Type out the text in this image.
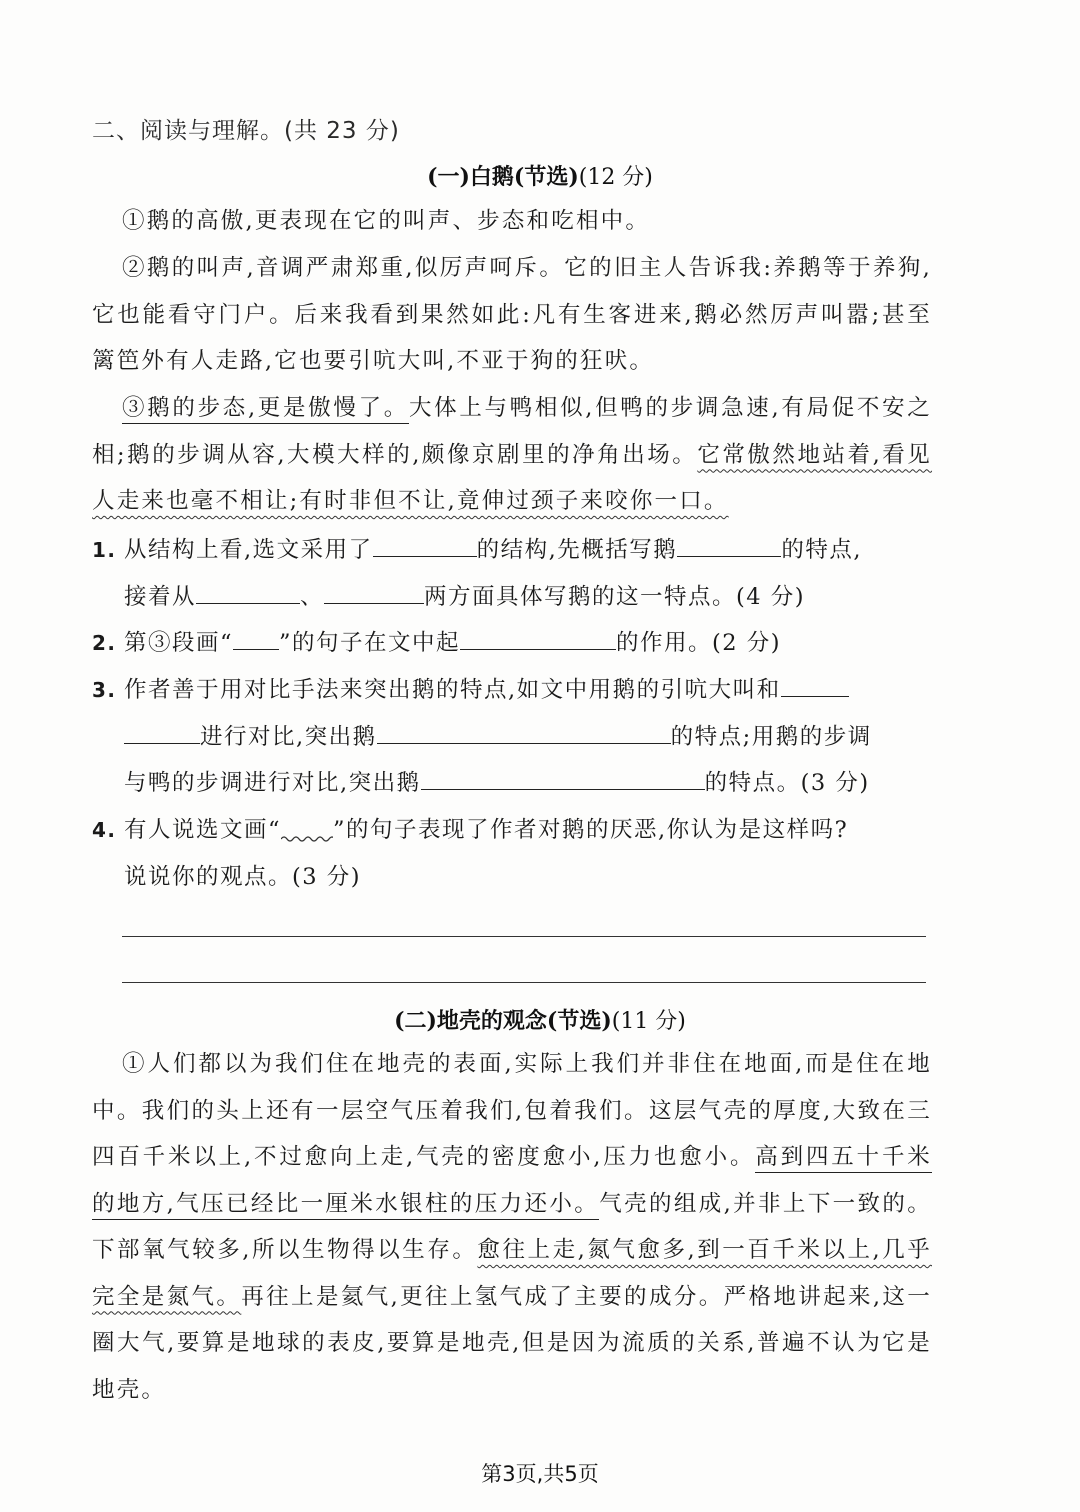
二、阅读与理解。(共 23 分)
(一)白鹅(节选)(12 分)

①鹅的高傲,更表现在它的叫声、步态和吃相中。

②鹅的叫声,音调严肃郑重,似厉声呵斥。它的旧主人告诉我:养鹅等于养狗,它也能看守门户。后来我看到果然如此:凡有生客进来,鹅必然厉声叫嚣;甚至篱笆外有人走路,它也要引吭大叫,不亚于狗的狂吠。

③鹅的步态,更是傲慢了。大体上与鸭相似,但鸭的步调急速,有局促不安之相;鹅的步调从容,大模大样的,颇像京剧里的净角出场。它常傲然地站着,看见人走来也毫不相让;有时非但不让,竟伸过颈子来咬你一口。

1. 从结构上看,选文采用了	的结构,先概括写鹅	的特点,
接着从	、	两方面具体写鹅的这一特点。(4 分)
2. 第③段画“ ”的句子在文中起	的作用。(2 分)
3. 作者善于用对比手法来突出鹅的特点,如文中用鹅的引吭大叫和
进行对比,突出鹅	的特点;用鹅的步调
与鸭的步调进行对比,突出鹅	的特点。(3 分)
4. 有人说选文画“ ”的句子表现了作者对鹅的厌恶,你认为是这样吗?
说说你的观点。(3 分)
(二)地壳的观念(节选)(11 分)

①人们都以为我们住在地壳的表面,实际上我们并非住在地面,而是住在地中。我们的头上还有一层空气压着我们,包着我们。这层气壳的厚度,大致在三四百千米以上,不过愈向上走,气壳的密度愈小,压力也愈小。高到四五十千米的地方,气压已经比一厘米水银柱的压力还小。气壳的组成,并非上下一致的。下部氧气较多,所以生物得以生存。愈往上走,氮气愈多,到一百千米以上,几乎完全是氮气。再往上是氦气,更往上氢气成了主要的成分。严格地讲起来,这一圈大气,要算是地球的表皮,要算是地壳,但是因为流质的关系,普遍不认为它是地壳。

第3页,共5页
